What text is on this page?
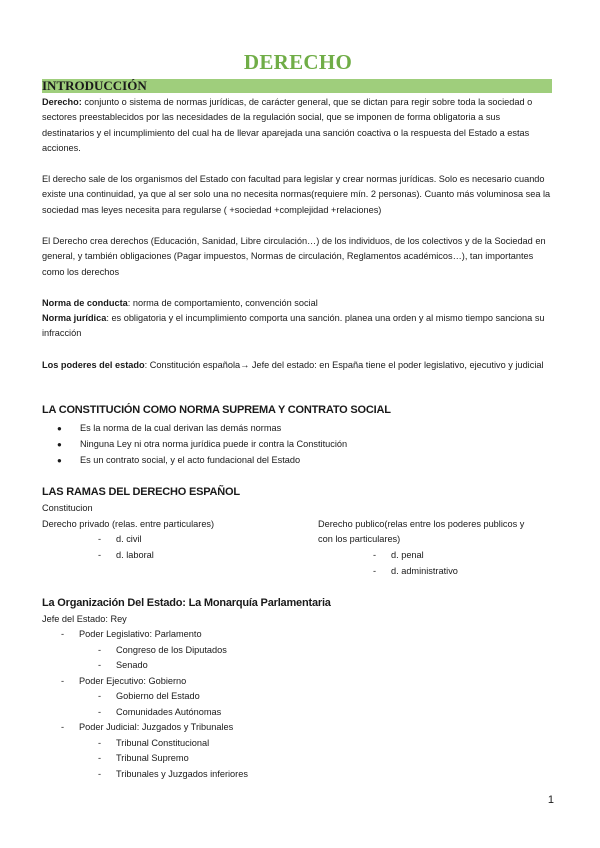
DERECHO
INTRODUCCIÓN

Derecho: conjunto o sistema de normas jurídicas, de carácter general, que se dictan para regir sobre toda la sociedad o sectores preestablecidos por las necesidades de la regulación social, que se imponen de forma obligatoria a sus destinatarios y el incumplimiento del cual ha de llevar aparejada una sanción coactiva o la respuesta del Estado a estas acciones.

El derecho sale de los organismos del Estado con facultad para legislar y crear normas jurídicas. Solo es necesario cuando existe una continuidad, ya que al ser solo una no necesita normas(requiere mín. 2 personas). Cuanto más voluminosa sea la sociedad mas leyes necesita para regularse ( +sociedad +complejidad +relaciones)

El Derecho crea derechos (Educación, Sanidad, Libre circulación…) de los individuos, de los colectivos y de la Sociedad en general, y también obligaciones (Pagar impuestos, Normas de circulación, Reglamentos académicos…), tan importantes como los derechos

Norma de conducta: norma de comportamiento, convención social

Norma jurídica: es obligatoria y el incumplimiento comporta una sanción. planea una orden y al mismo tiempo sanciona su infracción

Los poderes del estado: Constitución española→ Jefe del estado: en España tiene el poder legislativo, ejecutivo y judicial

LA CONSTITUCIÓN COMO NORMA SUPREMA Y CONTRATO SOCIAL

● Es la norma de la cual derivan las demás normas

● Ninguna Ley ni otra norma jurídica puede ir contra la Constitución

● Es un contrato social, y el acto fundacional del Estado

LAS RAMAS DEL DERECHO ESPAÑOL

Constitucion

Derecho privado (relas. entre particulares)

- d. civil

- d. laboral

Derecho publico(relas entre los poderes publicos y

con los particulares)

- d. penal

- d. administrativo

La Organización Del Estado: La Monarquía Parlamentaria

Jefe del Estado: Rey

- Poder Legislativo: Parlamento

- Congreso de los Diputados

- Senado

- Poder Ejecutivo: Gobierno

- Gobierno del Estado

- Comunidades Autónomas

- Poder Judicial: Juzgados y Tribunales

- Tribunal Constitucional

- Tribunal Supremo

- Tribunales y Juzgados inferiores

1
